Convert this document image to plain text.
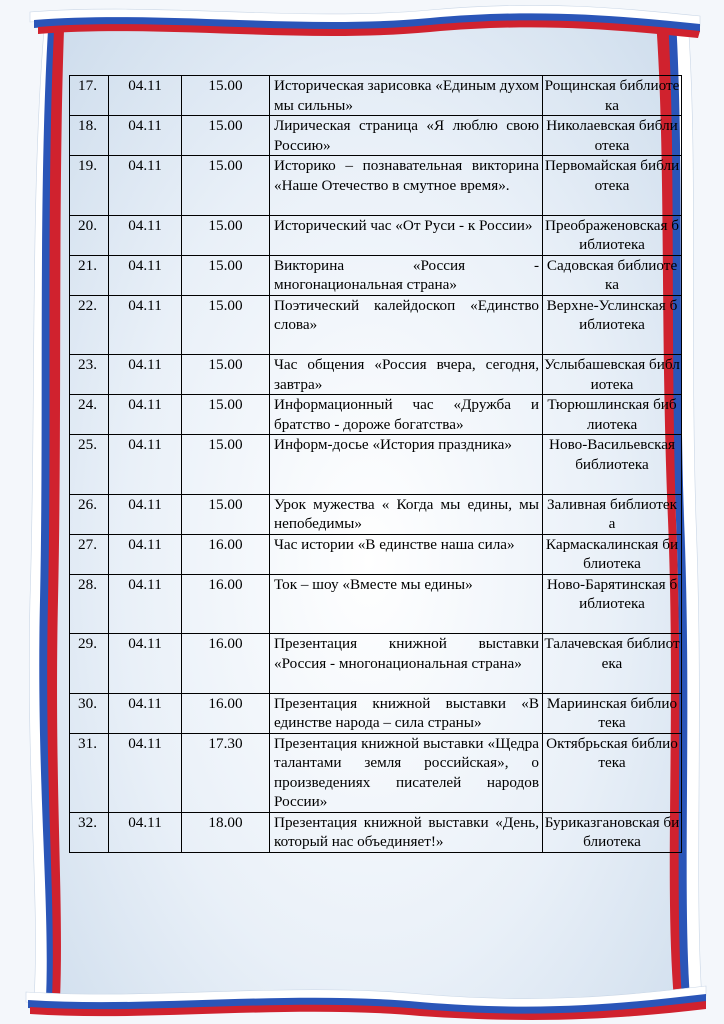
17.	04.11	15.00	Историческая зарисовка «Единым духом мы сильны»	Рощинская библиотека
18.	04.11	15.00	Лирическая страница «Я люблю свою Россию»	Николаевская библиотека
19.	04.11	15.00	Историко – познавательная викторина «Наше Отечество в смутное время».	Первомайская библиотека
20.	04.11	15.00	Исторический час «От Руси - к России»	Преображеновская библиотека
21.	04.11	15.00	Викторина «Россия - многонациональная страна»	Садовская библиотека
22.	04.11	15.00	Поэтический калейдоскоп «Единство слова»	Верхне-Услинская библиотека
23.	04.11	15.00	Час общения «Россия вчера, сегодня, завтра»	Услыбашевская библиотека
24.	04.11	15.00	Информационный час «Дружба и братство - дороже богатства»	Тюрюшлинская библиотека
25.	04.11	15.00	Информ-досье «История праздника»	Ново-Васильевская библиотека
26.	04.11	15.00	Урок мужества « Когда мы едины, мы непобедимы»	Заливная библиотека
27.	04.11	16.00	Час истории «В единстве наша сила»	Кармаскалинская библиотека
28.	04.11	16.00	Ток – шоу «Вместе мы едины»	Ново-Барятинская библиотека
29.	04.11	16.00	Презентация книжной выставки «Россия - многонациональная страна»	Талачевская библиотека
30.	04.11	16.00	Презентация книжной выставки «В единстве народа – сила страны»	Мариинская библиотека
31.	04.11	17.30	Презентация книжной выставки «Щедра талантами земля российская», о произведениях писателей народов России»	Октябрьская библиотека
32.	04.11	18.00	Презентация книжной выставки «День, который нас объединяет!»	Буриказгановская библиотека
